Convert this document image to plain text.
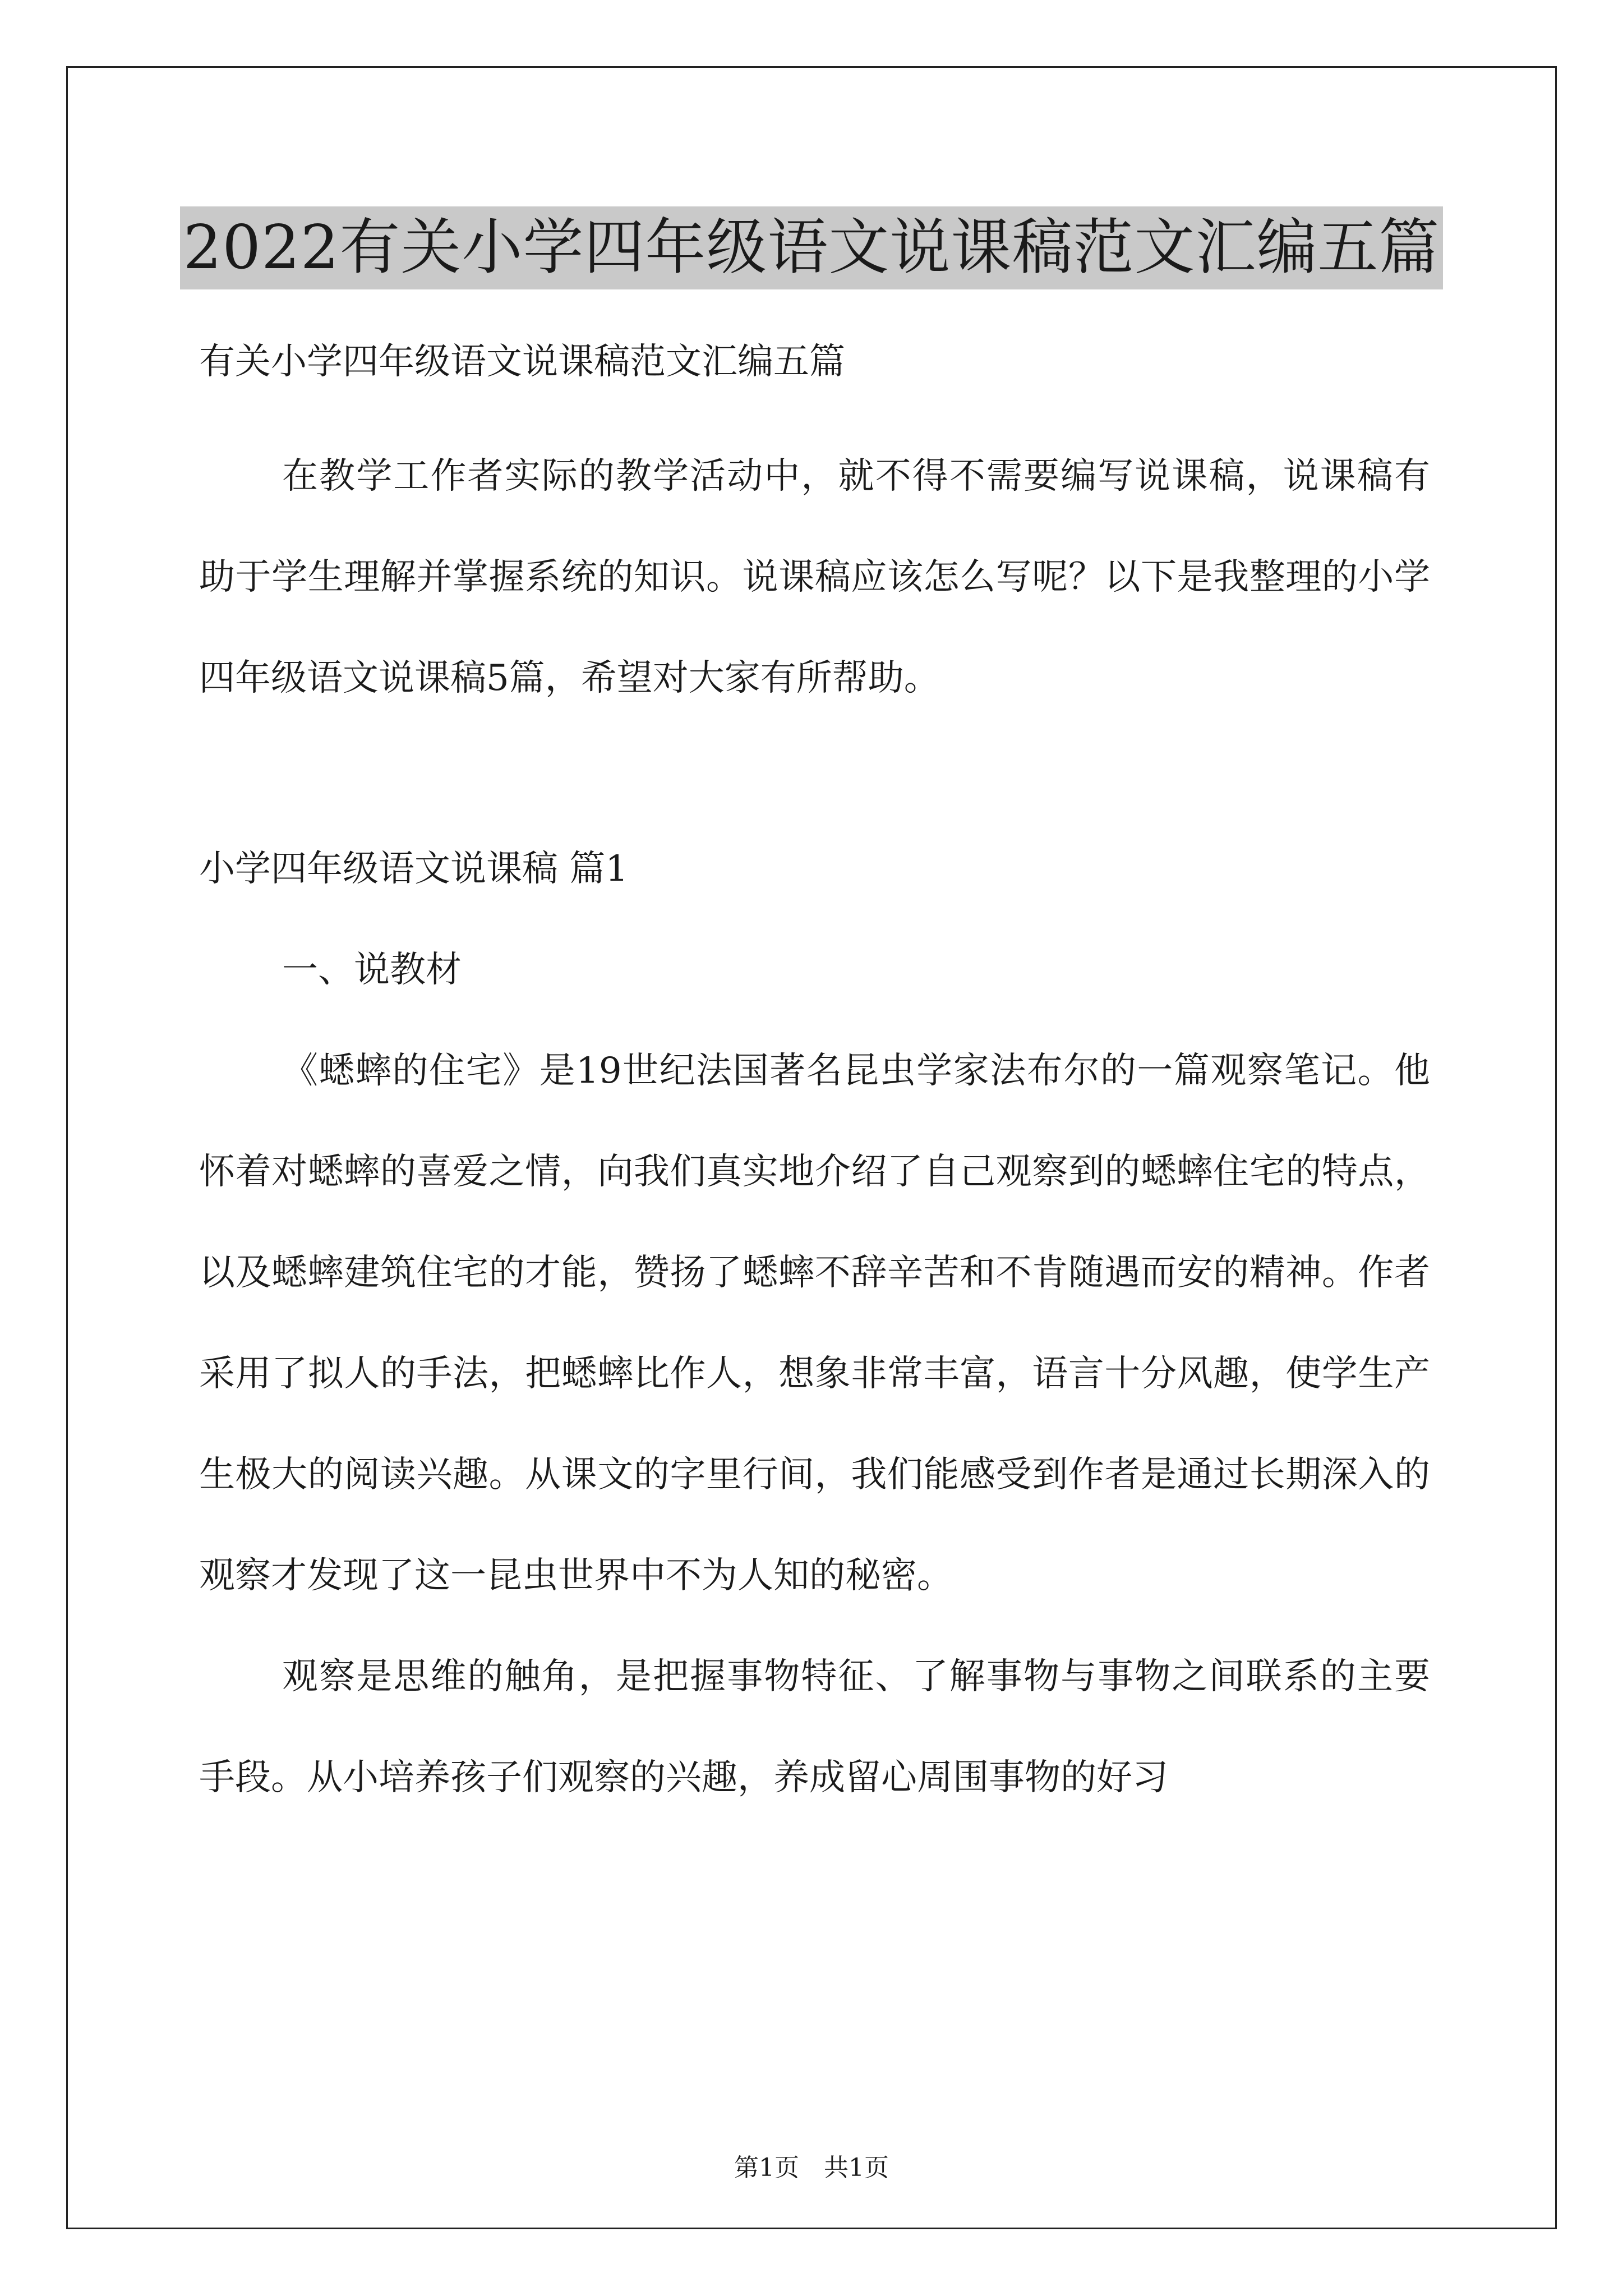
2022有关小学四年级语文说课稿范文汇编五篇

有关小学四年级语文说课稿范文汇编五篇

在教学工作者实际的教学活动中，就不得不需要编写说课稿，说课稿有助于学生理解并掌握系统的知识。说课稿应该怎么写呢？以下是我整理的小学四年级语文说课稿5篇，希望对大家有所帮助。

小学四年级语文说课稿 篇1

一、说教材

《蟋蟀的住宅》是19世纪法国著名昆虫学家法布尔的一篇观察笔记。他怀着对蟋蟀的喜爱之情，向我们真实地介绍了自己观察到的蟋蟀住宅的特点，以及蟋蟀建筑住宅的才能，赞扬了蟋蟀不辞辛苦和不肯随遇而安的精神。作者采用了拟人的手法，把蟋蟀比作人，想象非常丰富，语言十分风趣，使学生产生极大的阅读兴趣。从课文的字里行间，我们能感受到作者是通过长期深入的观察才发现了这一昆虫世界中不为人知的秘密。

观察是思维的触角，是把握事物特征、了解事物与事物之间联系的主要手段。从小培养孩子们观察的兴趣，养成留心周围事物的好习

第1页　共1页
